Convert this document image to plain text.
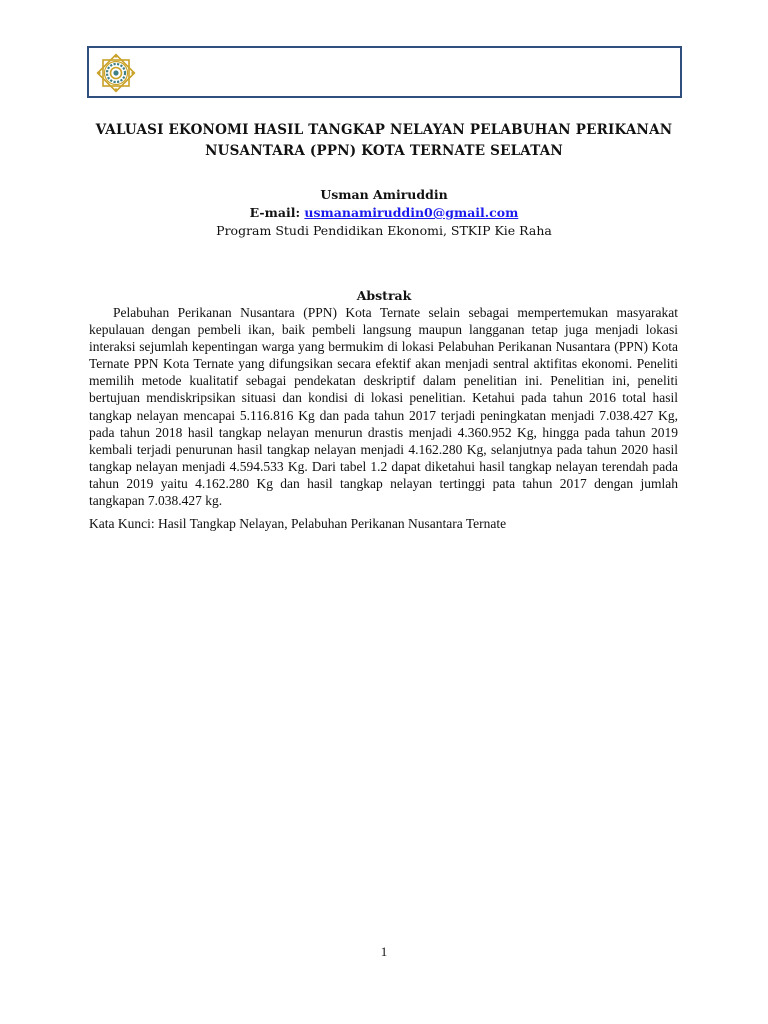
VALUASI EKONOMI HASIL TANGKAP NELAYAN PELABUHAN PERIKANAN
NUSANTARA (PPN) KOTA TERNATE SELATAN
Usman Amiruddin
E-mail: usmanamiruddin0@gmail.com
Program Studi Pendidikan Ekonomi, STKIP Kie Raha
Abstrak

Pelabuhan Perikanan Nusantara (PPN) Kota Ternate selain sebagai mempertemukan masyarakat kepulauan dengan pembeli ikan, baik pembeli langsung maupun langganan tetap juga menjadi lokasi interaksi sejumlah kepentingan warga yang bermukim di lokasi Pelabuhan Perikanan Nusantara (PPN) Kota Ternate PPN Kota Ternate yang difungsikan secara efektif akan menjadi sentral aktifitas ekonomi. Peneliti memilih metode kualitatif sebagai pendekatan deskriptif dalam penelitian ini. Penelitian ini, peneliti bertujuan mendiskripsikan situasi dan kondisi di lokasi penelitian. Ketahui pada tahun 2016 total hasil tangkap nelayan mencapai 5.116.816 Kg dan pada tahun 2017 terjadi peningkatan menjadi 7.038.427 Kg, pada tahun 2018 hasil tangkap nelayan menurun drastis menjadi 4.360.952 Kg, hingga pada tahun 2019 kembali terjadi penurunan hasil tangkap nelayan menjadi 4.162.280 Kg, selanjutnya pada tahun 2020 hasil tangkap nelayan menjadi 4.594.533 Kg. Dari tabel 1.2 dapat diketahui hasil tangkap nelayan terendah pada tahun 2019 yaitu 4.162.280 Kg dan hasil tangkap nelayan tertinggi pata tahun 2017 dengan jumlah tangkapan 7.038.427 kg.

Kata Kunci: Hasil Tangkap Nelayan, Pelabuhan Perikanan Nusantara Ternate
1
